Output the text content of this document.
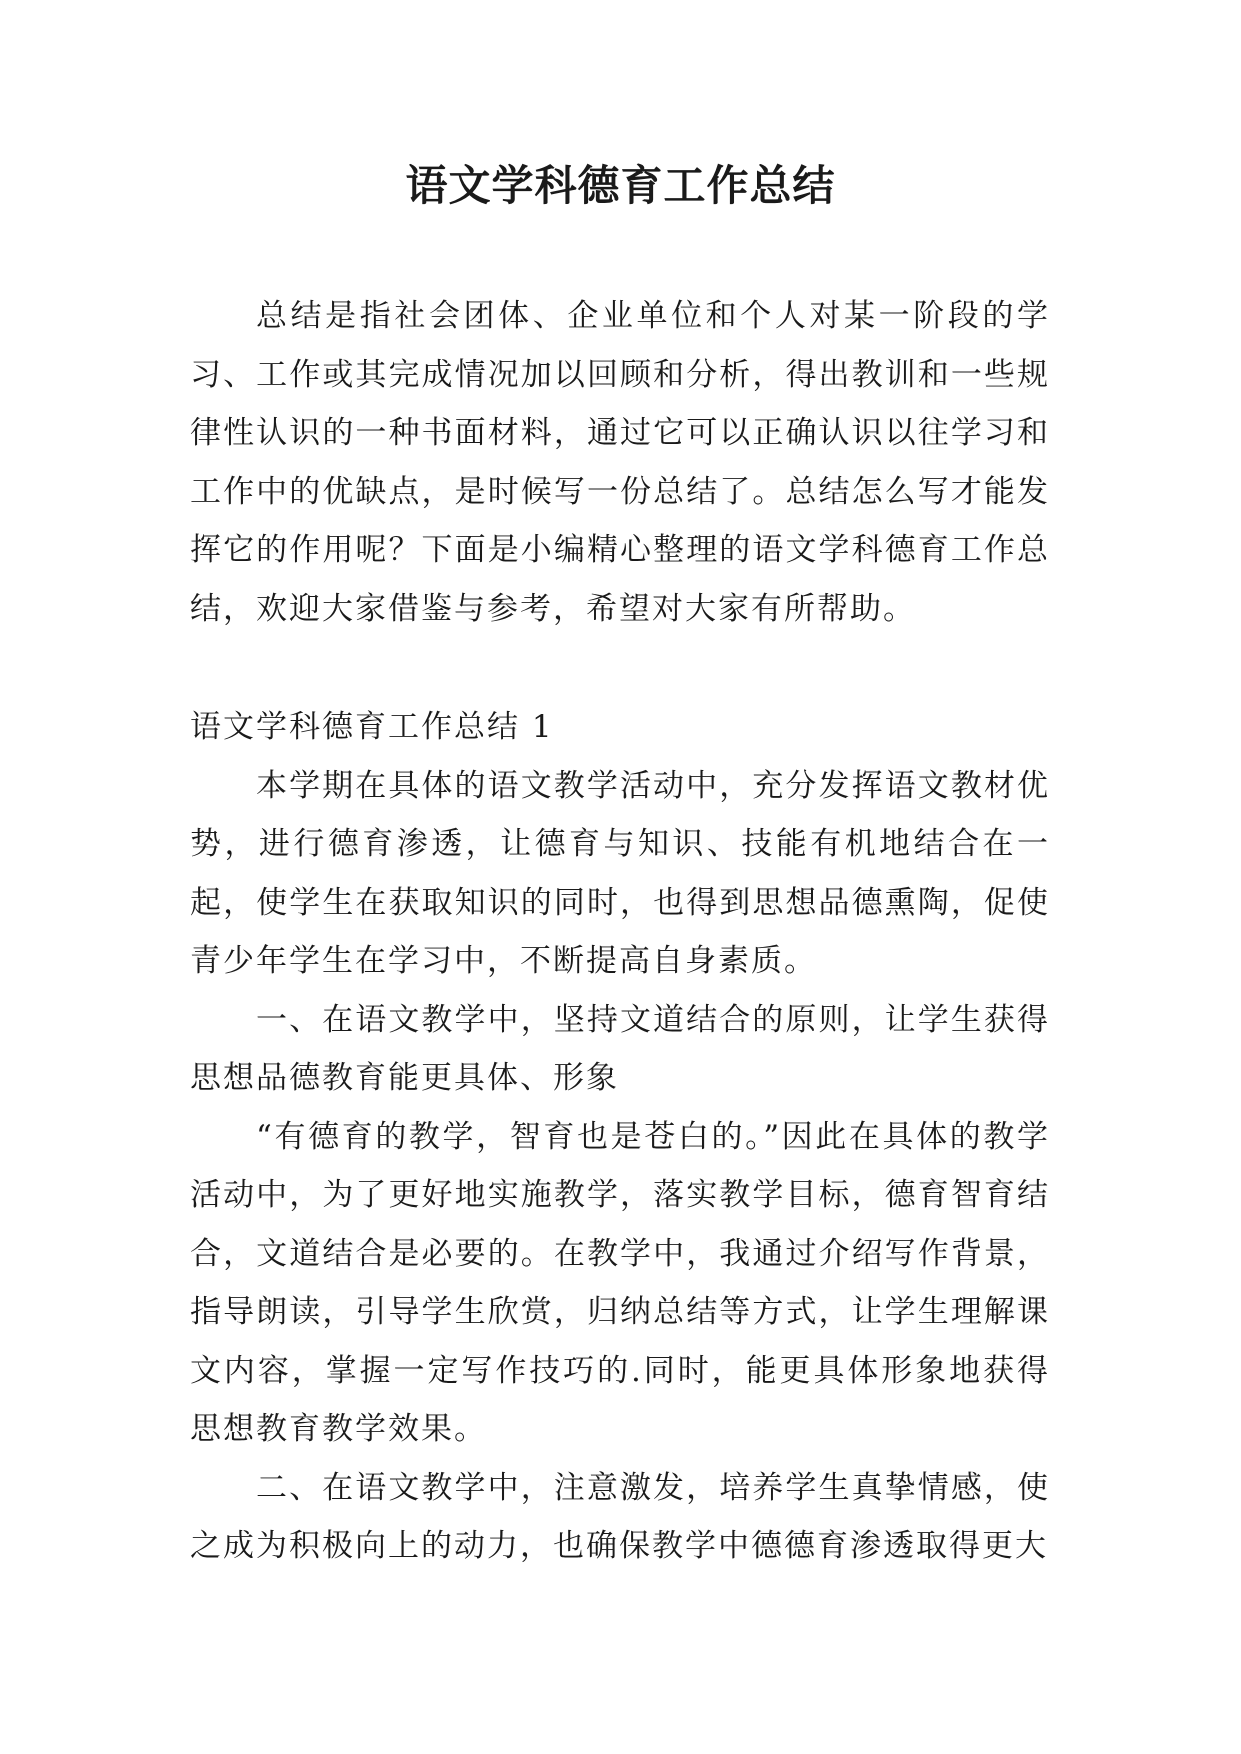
语文学科德育工作总结

总结是指社会团体、企业单位和个人对某一阶段的学习、工作或其完成情况加以回顾和分析，得出教训和一些规律性认识的一种书面材料，通过它可以正确认识以往学习和工作中的优缺点，是时候写一份总结了。总结怎么写才能发挥它的作用呢？下面是小编精心整理的语文学科德育工作总结，欢迎大家借鉴与参考，希望对大家有所帮助。

语文学科德育工作总结 1

本学期在具体的语文教学活动中，充分发挥语文教材优势，进行德育渗透，让德育与知识、技能有机地结合在一起，使学生在获取知识的同时，也得到思想品德熏陶，促使青少年学生在学习中，不断提高自身素质。

一、在语文教学中，坚持文道结合的原则，让学生获得思想品德教育能更具体、形象

“有德育的教学，智育也是苍白的。”因此在具体的教学活动中，为了更好地实施教学，落实教学目标，德育智育结合，文道结合是必要的。在教学中，我通过介绍写作背景，指导朗读，引导学生欣赏，归纳总结等方式，让学生理解课文内容，掌握一定写作技巧的.同时，能更具体形象地获得思想教育教学效果。

二、在语文教学中，注意激发，培养学生真挚情感，使之成为积极向上的动力，也确保教学中德德育渗透取得更大
